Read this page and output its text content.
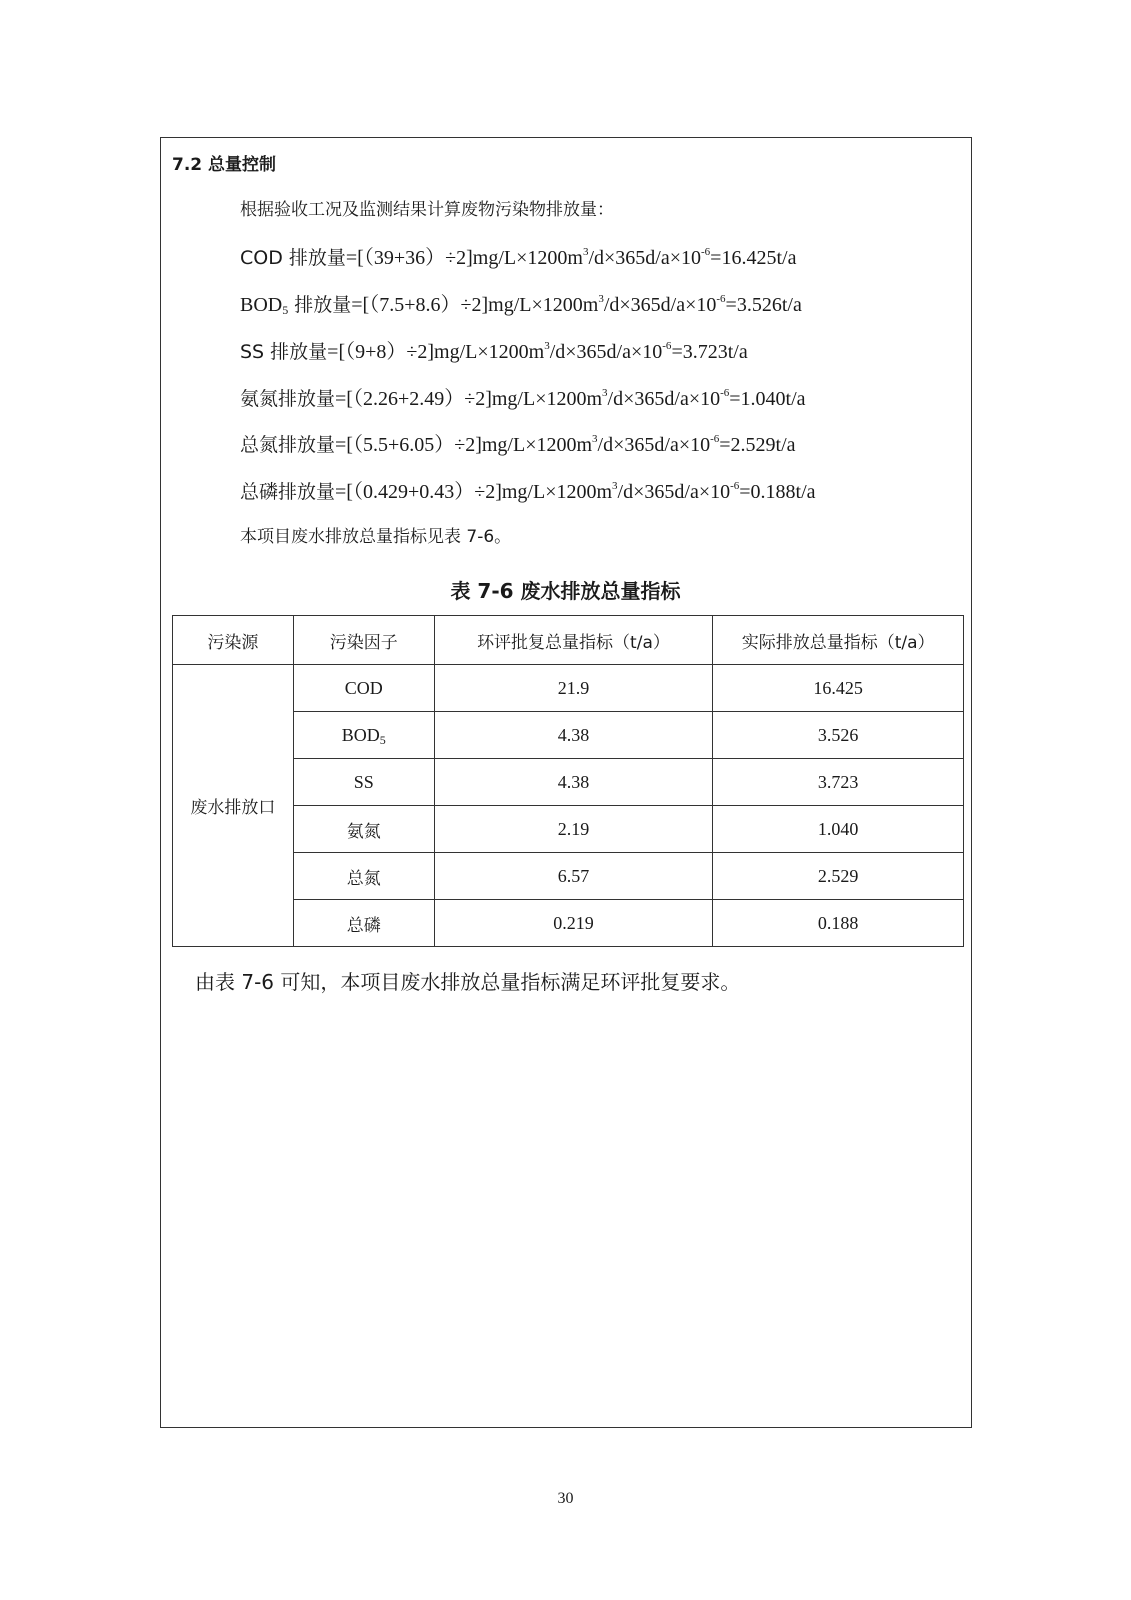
7.2 总量控制
根据验收工况及监测结果计算废物污染物排放量：
COD 排放量$=[(39+36)\div 2]mg/L\times 1200m^3/d\times 365d/a\times 10^{-6}=16.425t/a$
$BOD_5$ 排放量$=[(7.5+8.6)\div 2]mg/L\times 1200m^3/d\times 365d/a\times 10^{-6}=3.526t/a$
SS 排放量$=[(9+8)\div 2]mg/L\times 1200m^3/d\times 365d/a\times 10^{-6}=3.723t/a$
氨氮排放量$=[(2.26+2.49)\div 2]mg/L\times 1200m^3/d\times 365d/a\times 10^{-6}=1.040t/a$
总氮排放量$=[(5.5+6.05)\div 2]mg/L\times 1200m^3/d\times 365d/a\times 10^{-6}=2.529t/a$
总磷排放量$=[(0.429+0.43)\div 2]mg/L\times 1200m^3/d\times 365d/a\times 10^{-6}=0.188t/a$
本项目废水排放总量指标见表 7-6。
表 7-6 废水排放总量指标
污染源	污染因子	环评批复总量指标（t/a）	实际排放总量指标（t/a）
废水排放口	COD	21.9	16.425
	$BOD_5$	4.38	3.526
	SS	4.38	3.723
	氨氮	2.19	1.040
	总氮	6.57	2.529
	总磷	0.219	0.188
由表 7-6 可知，本项目废水排放总量指标满足环评批复要求。
30
